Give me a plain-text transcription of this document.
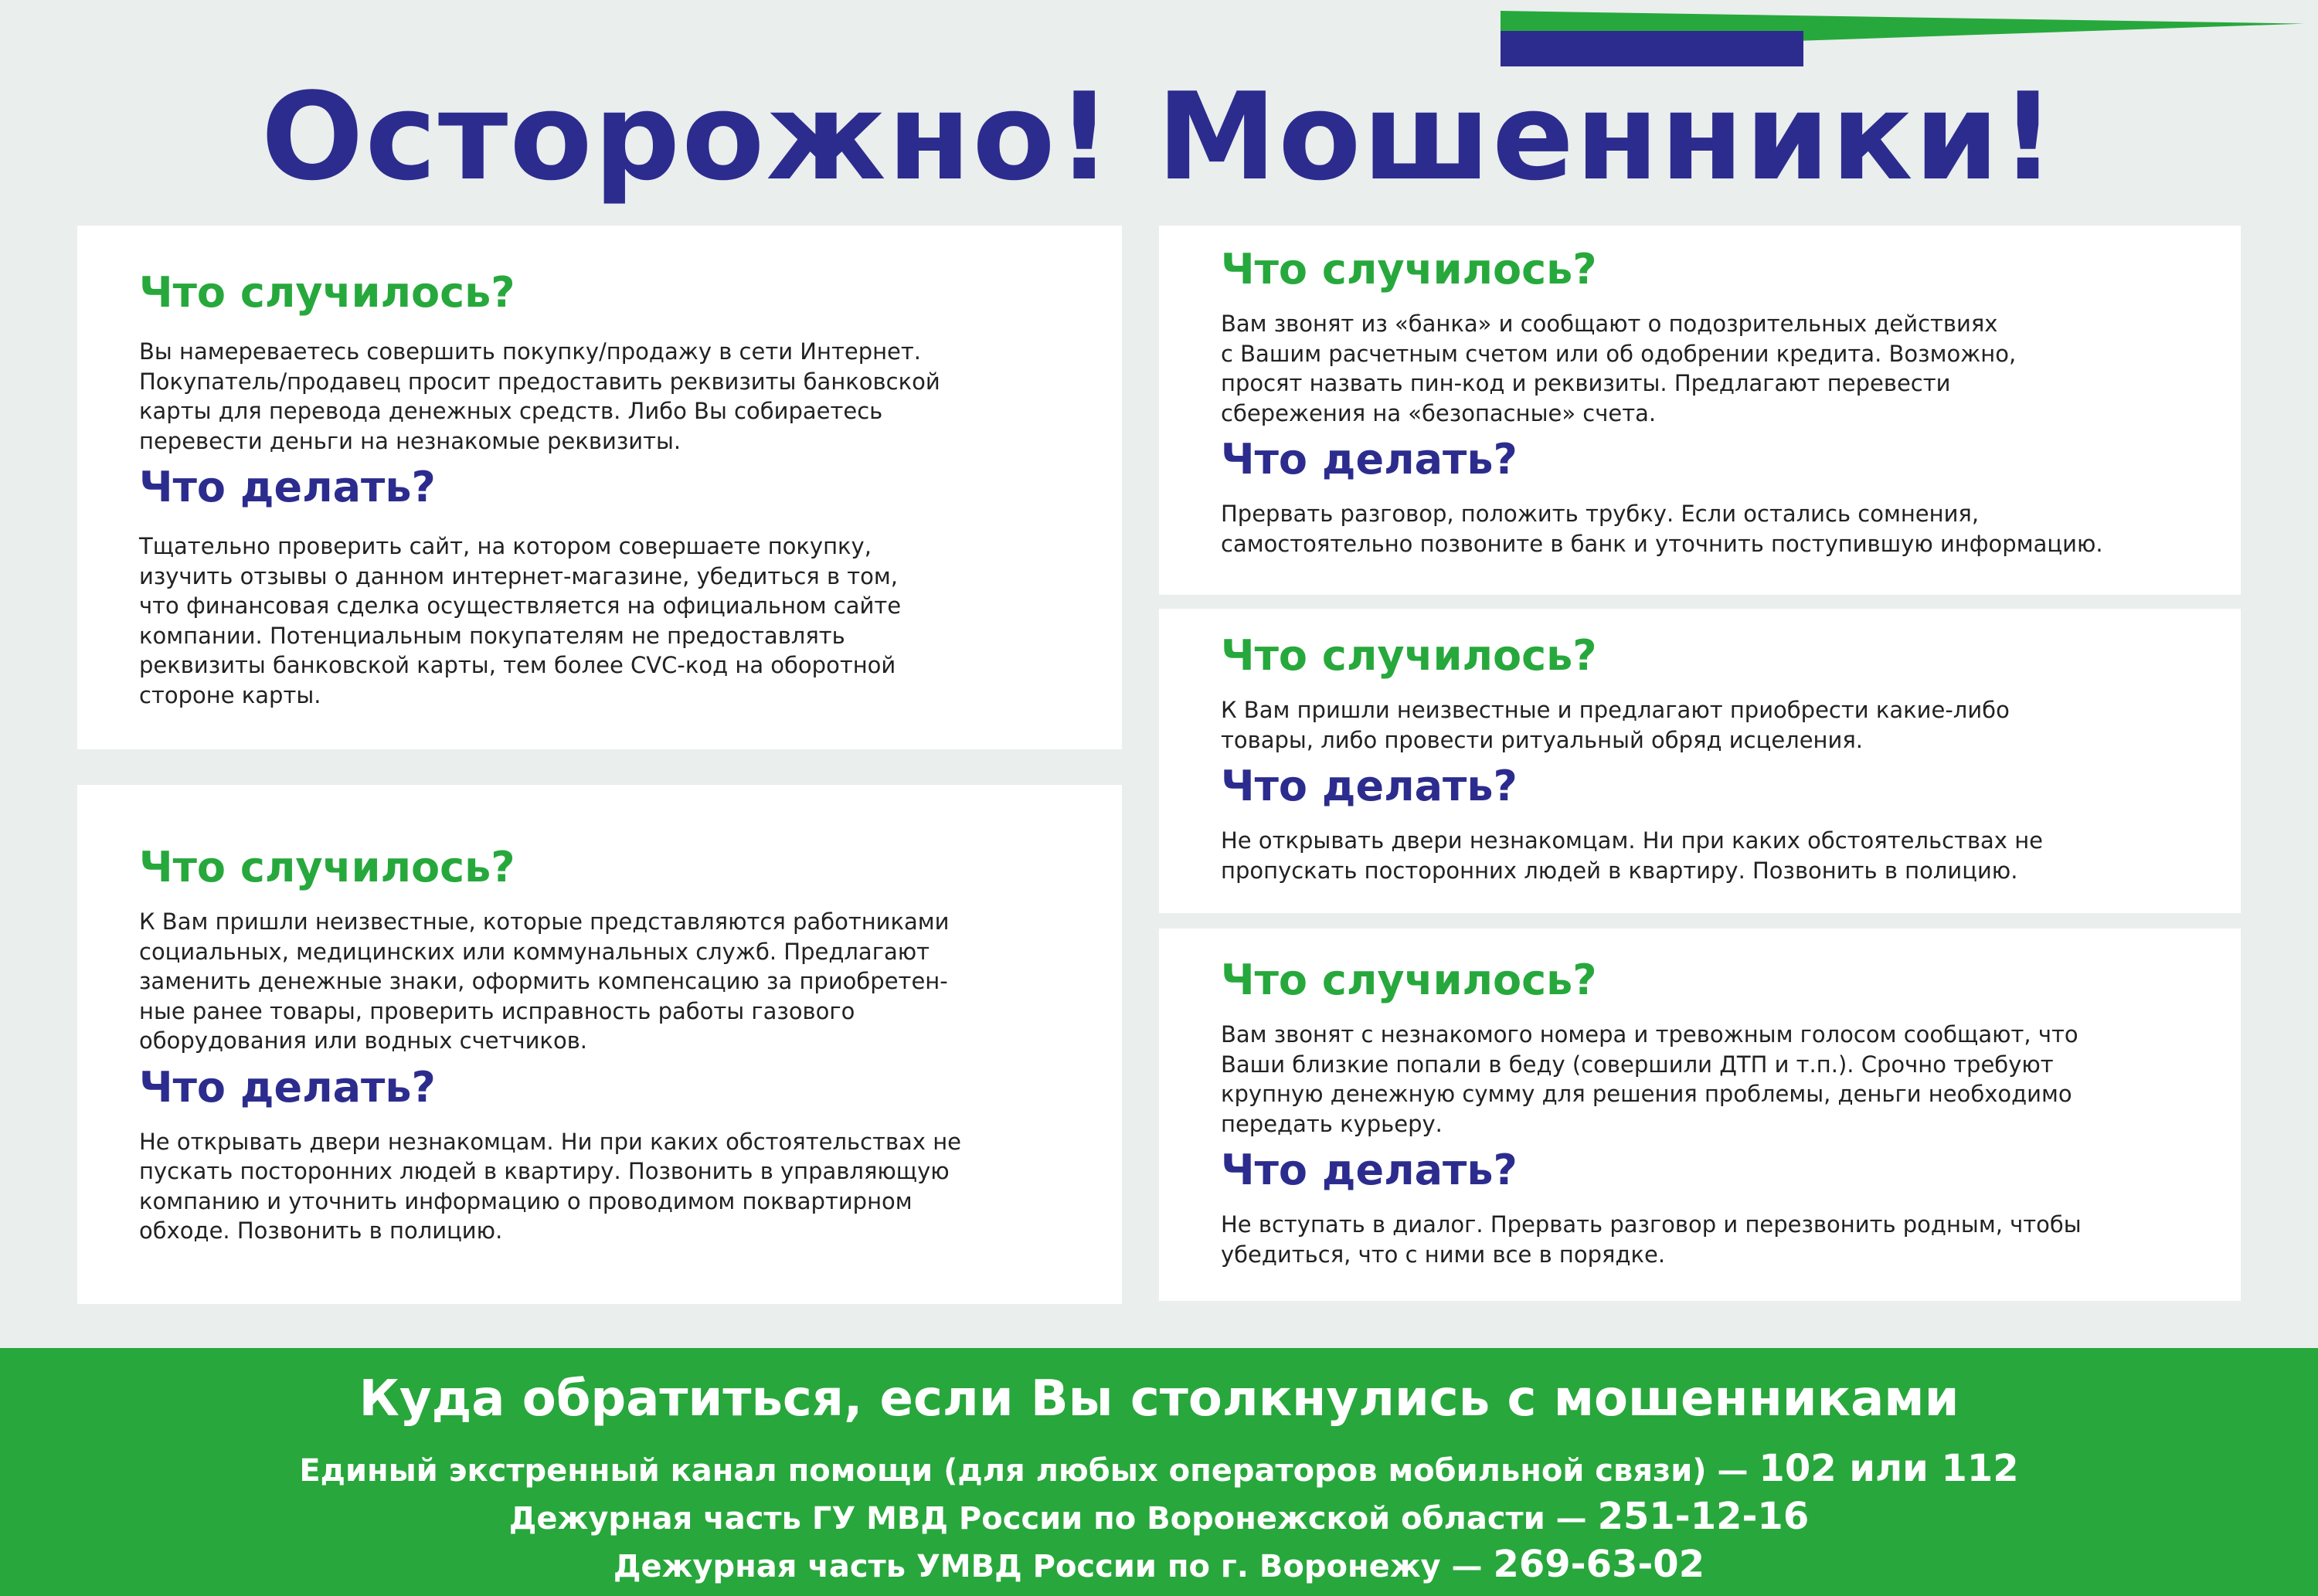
Осторожно! Мошенники!
Что случилось?

Вы намереваетесь совершить покупку/продажу в сети Интернет.
Покупатель/продавец просит предоставить реквизиты банковской
карты для перевода денежных средств. Либо Вы собираетесь
перевести деньги на незнакомые реквизиты.

Что делать?

Тщательно проверить сайт, на котором совершаете покупку,
изучить отзывы о данном интернет-магазине, убедиться в том,
что финансовая сделка осуществляется на официальном сайте
компании. Потенциальным покупателям не предоставлять
реквизиты банковской карты, тем более CVC-код на оборотной
стороне карты.

Что случилось?

К Вам пришли неизвестные, которые представляются работниками
социальных, медицинских или коммунальных служб. Предлагают
заменить денежные знаки, оформить компенсацию за приобретен-
ные ранее товары, проверить исправность работы газового
оборудования или водных счетчиков.

Что делать?

Не открывать двери незнакомцам. Ни при каких обстоятельствах не
пускать посторонних людей в квартиру. Позвонить в управляющую
компанию и уточнить информацию о проводимом поквартирном
обходе. Позвонить в полицию.

Что случилось?

Вам звонят из «банка» и сообщают о подозрительных действиях
с Вашим расчетным счетом или об одобрении кредита. Возможно,
просят назвать пин-код и реквизиты. Предлагают перевести
сбережения на «безопасные» счета.

Что делать?

Прервать разговор, положить трубку. Если остались сомнения,
самостоятельно позвоните в банк и уточнить поступившую информацию.

Что случилось?

К Вам пришли неизвестные и предлагают приобрести какие-либо
товары, либо провести ритуальный обряд исцеления.

Что делать?

Не открывать двери незнакомцам. Ни при каких обстоятельствах не
пропускать посторонних людей в квартиру. Позвонить в полицию.

Что случилось?

Вам звонят с незнакомого номера и тревожным голосом сообщают, что
Ваши близкие попали в беду (совершили ДТП и т.п.). Срочно требуют
крупную денежную сумму для решения проблемы, деньги необходимо
передать курьеру.

Что делать?

Не вступать в диалог. Прервать разговор и перезвонить родным, чтобы
убедиться, что с ними все в порядке.

Куда обратиться, если Вы столкнулись с мошенниками
Единый экстренный канал помощи (для любых операторов мобильной связи) — 102 или 112
Дежурная часть ГУ МВД России по Воронежской области — 251-12-16
Дежурная часть УМВД России по г. Воронежу — 269-63-02
